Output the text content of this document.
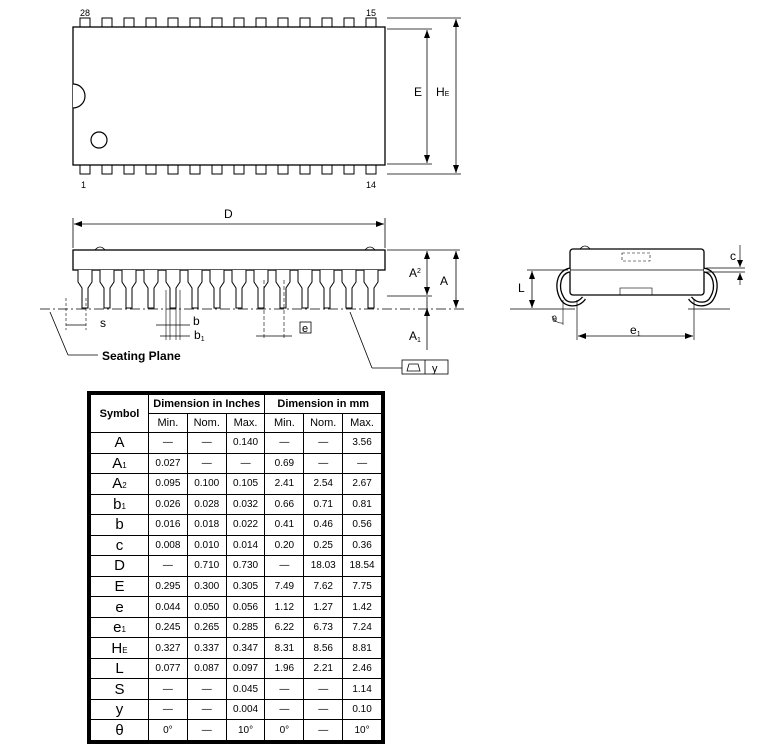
28	15
1	14
E HE
D
$A^2$
A
A1
s	b
b1
e
Seating Plane
y
L
c
θ
e1
Symbol	Dimension in Inches			Dimension in mm		
	Min.	Nom.	Max.	Min.	Nom.	Max.
A	—	—	0.140	—	—	3.56
A1	0.027	—	—	0.69	—	—
A2	0.095	0.100	0.105	2.41	2.54	2.67
b1	0.026	0.028	0.032	0.66	0.71	0.81
b	0.016	0.018	0.022	0.41	0.46	0.56
c	0.008	0.010	0.014	0.20	0.25	0.36
D	—	0.710	0.730	—	18.03	18.54
E	0.295	0.300	0.305	7.49	7.62	7.75
e	0.044	0.050	0.056	1.12	1.27	1.42
e1	0.245	0.265	0.285	6.22	6.73	7.24
HE	0.327	0.337	0.347	8.31	8.56	8.81
L	0.077	0.087	0.097	1.96	2.21	2.46
S	—	—	0.045	—	—	1.14
y	—	—	0.004	—	—	0.10
θ	0°	—	10°	0°	—	10°
